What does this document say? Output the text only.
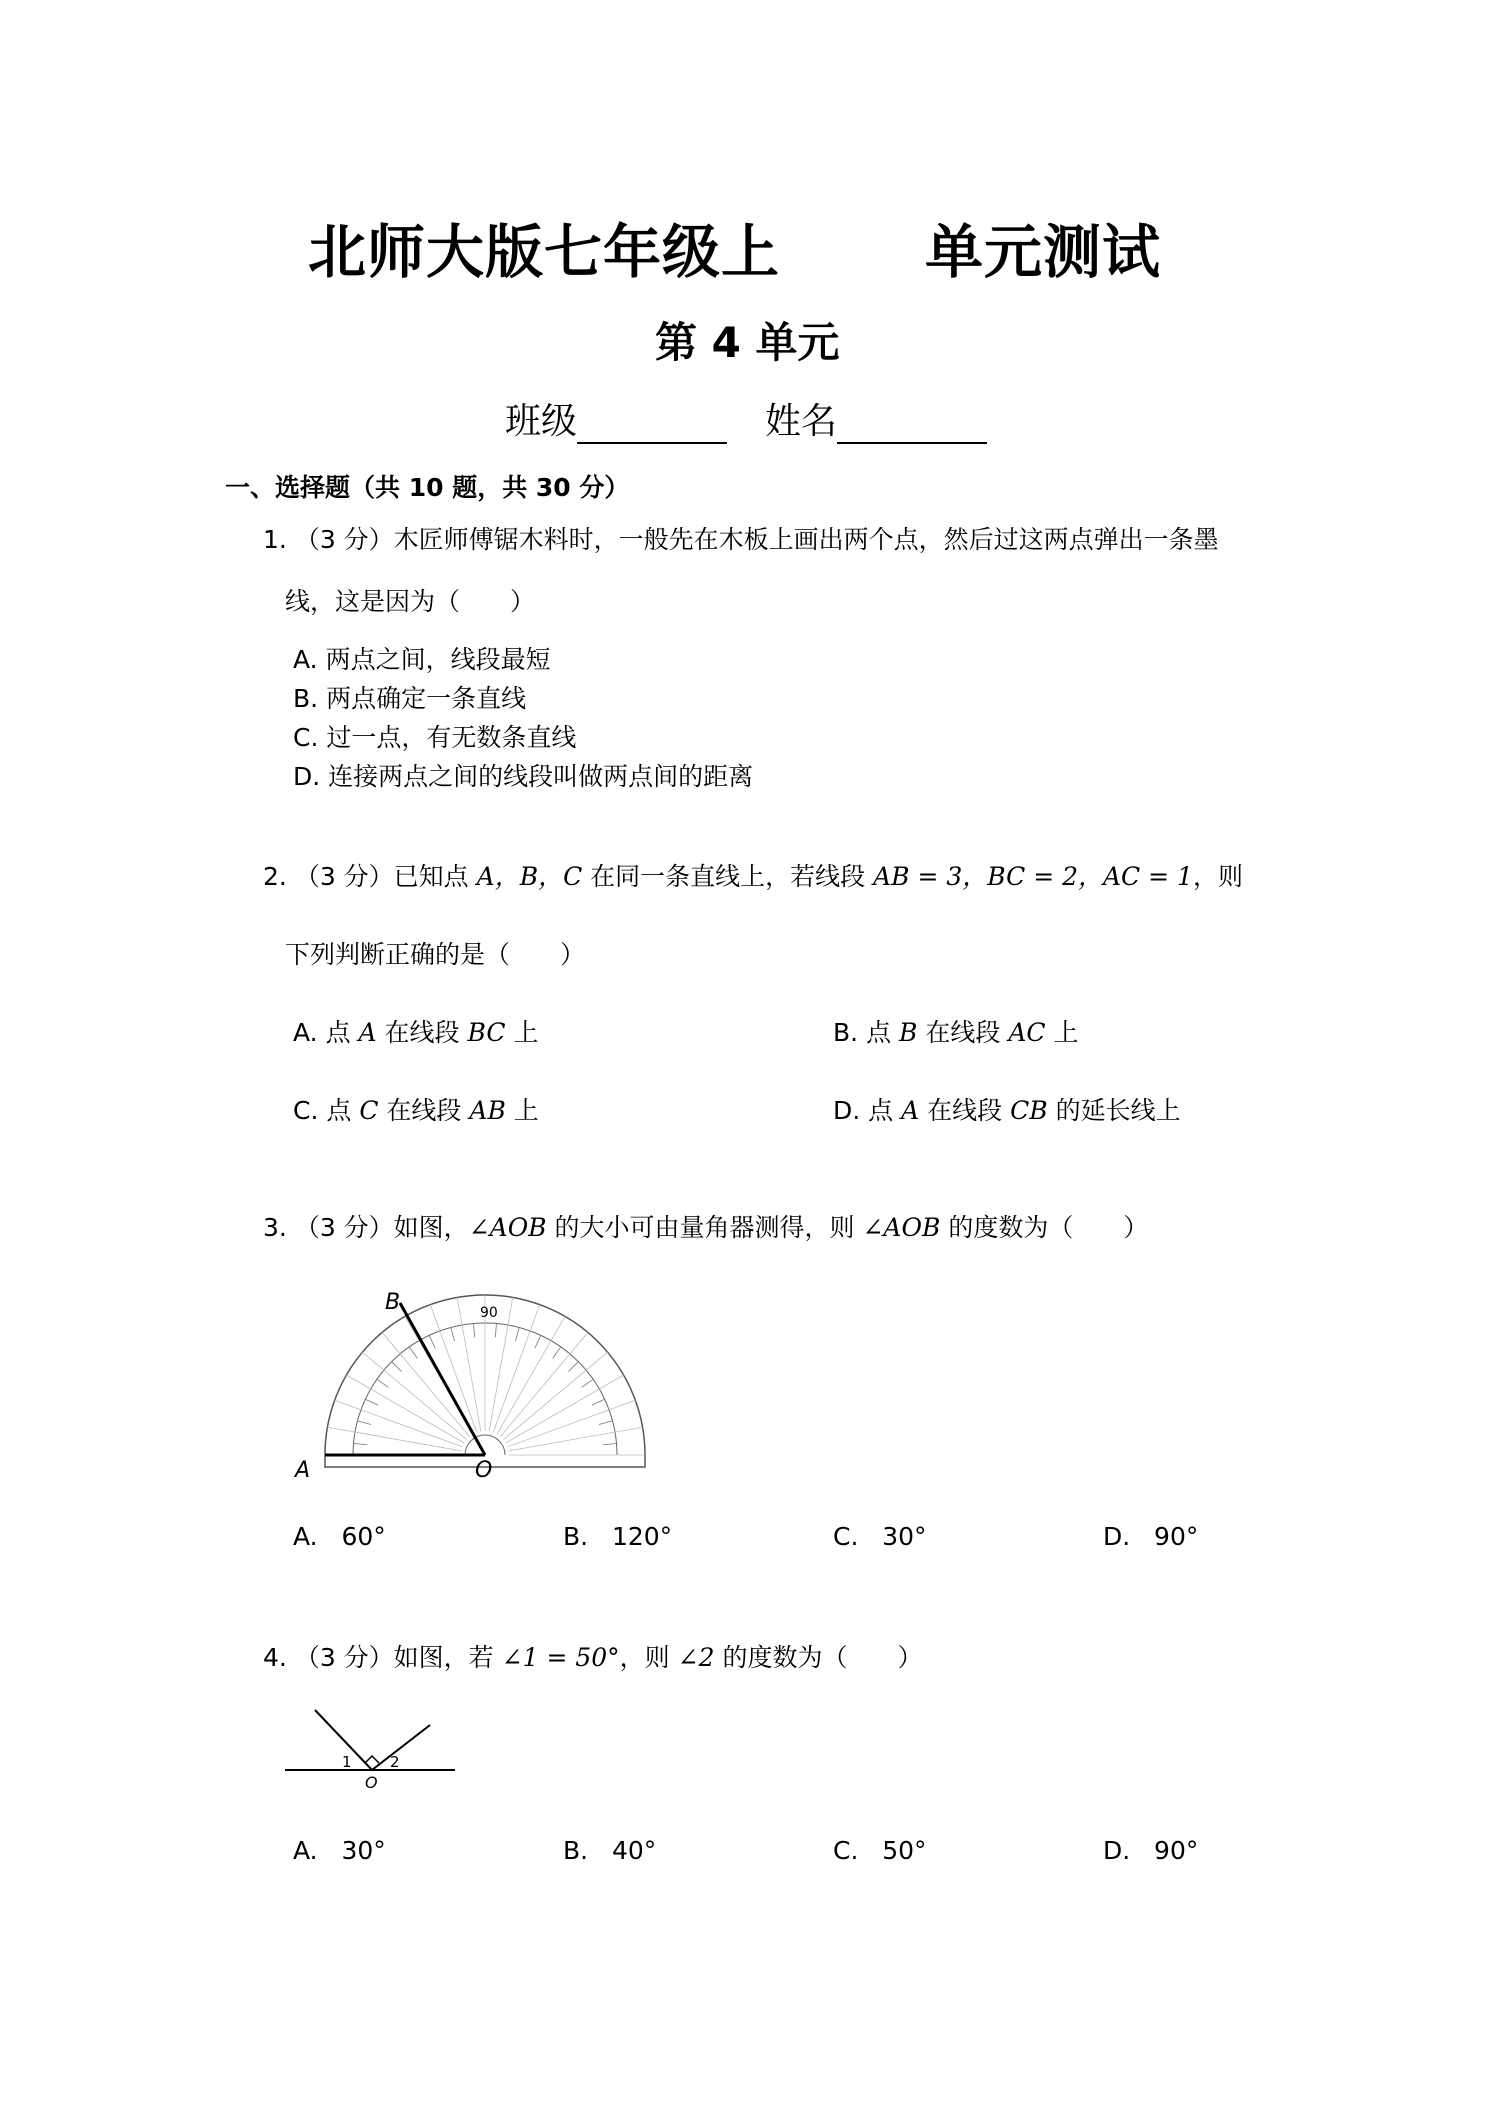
北师大版七年级上 单元测试
第 4 单元
班级	姓名
一、选择题（共 10 题，共 30 分）
1. （3 分）木匠师傅锯木料时，一般先在木板上画出两个点，然后过这两点弹出一条墨
线，这是因为（　　）
A. 两点之间，线段最短
B. 两点确定一条直线
C. 过一点，有无数条直线
D. 连接两点之间的线段叫做两点间的距离
2. （3 分）已知点 A，B，C 在同一条直线上，若线段 AB = 3，BC = 2，AC = 1，则
下列判断正确的是（　　）
A. 点 A 在线段 BC 上	B. 点 B 在线段 AC 上
C. 点 C 在线段 AB 上	D. 点 A 在线段 CB 的延长线上
3. （3 分）如图，∠AOB 的大小可由量角器测得，则 ∠AOB 的度数为（　　）
B
A	O
90
A. 60°	B. 120°	C. 30°	D. 90°
4. （3 分）如图，若 ∠1 = 50°，则 ∠2 的度数为（　　）
1	2
O
A. 30°	B. 40°	C. 50°	D. 90°
